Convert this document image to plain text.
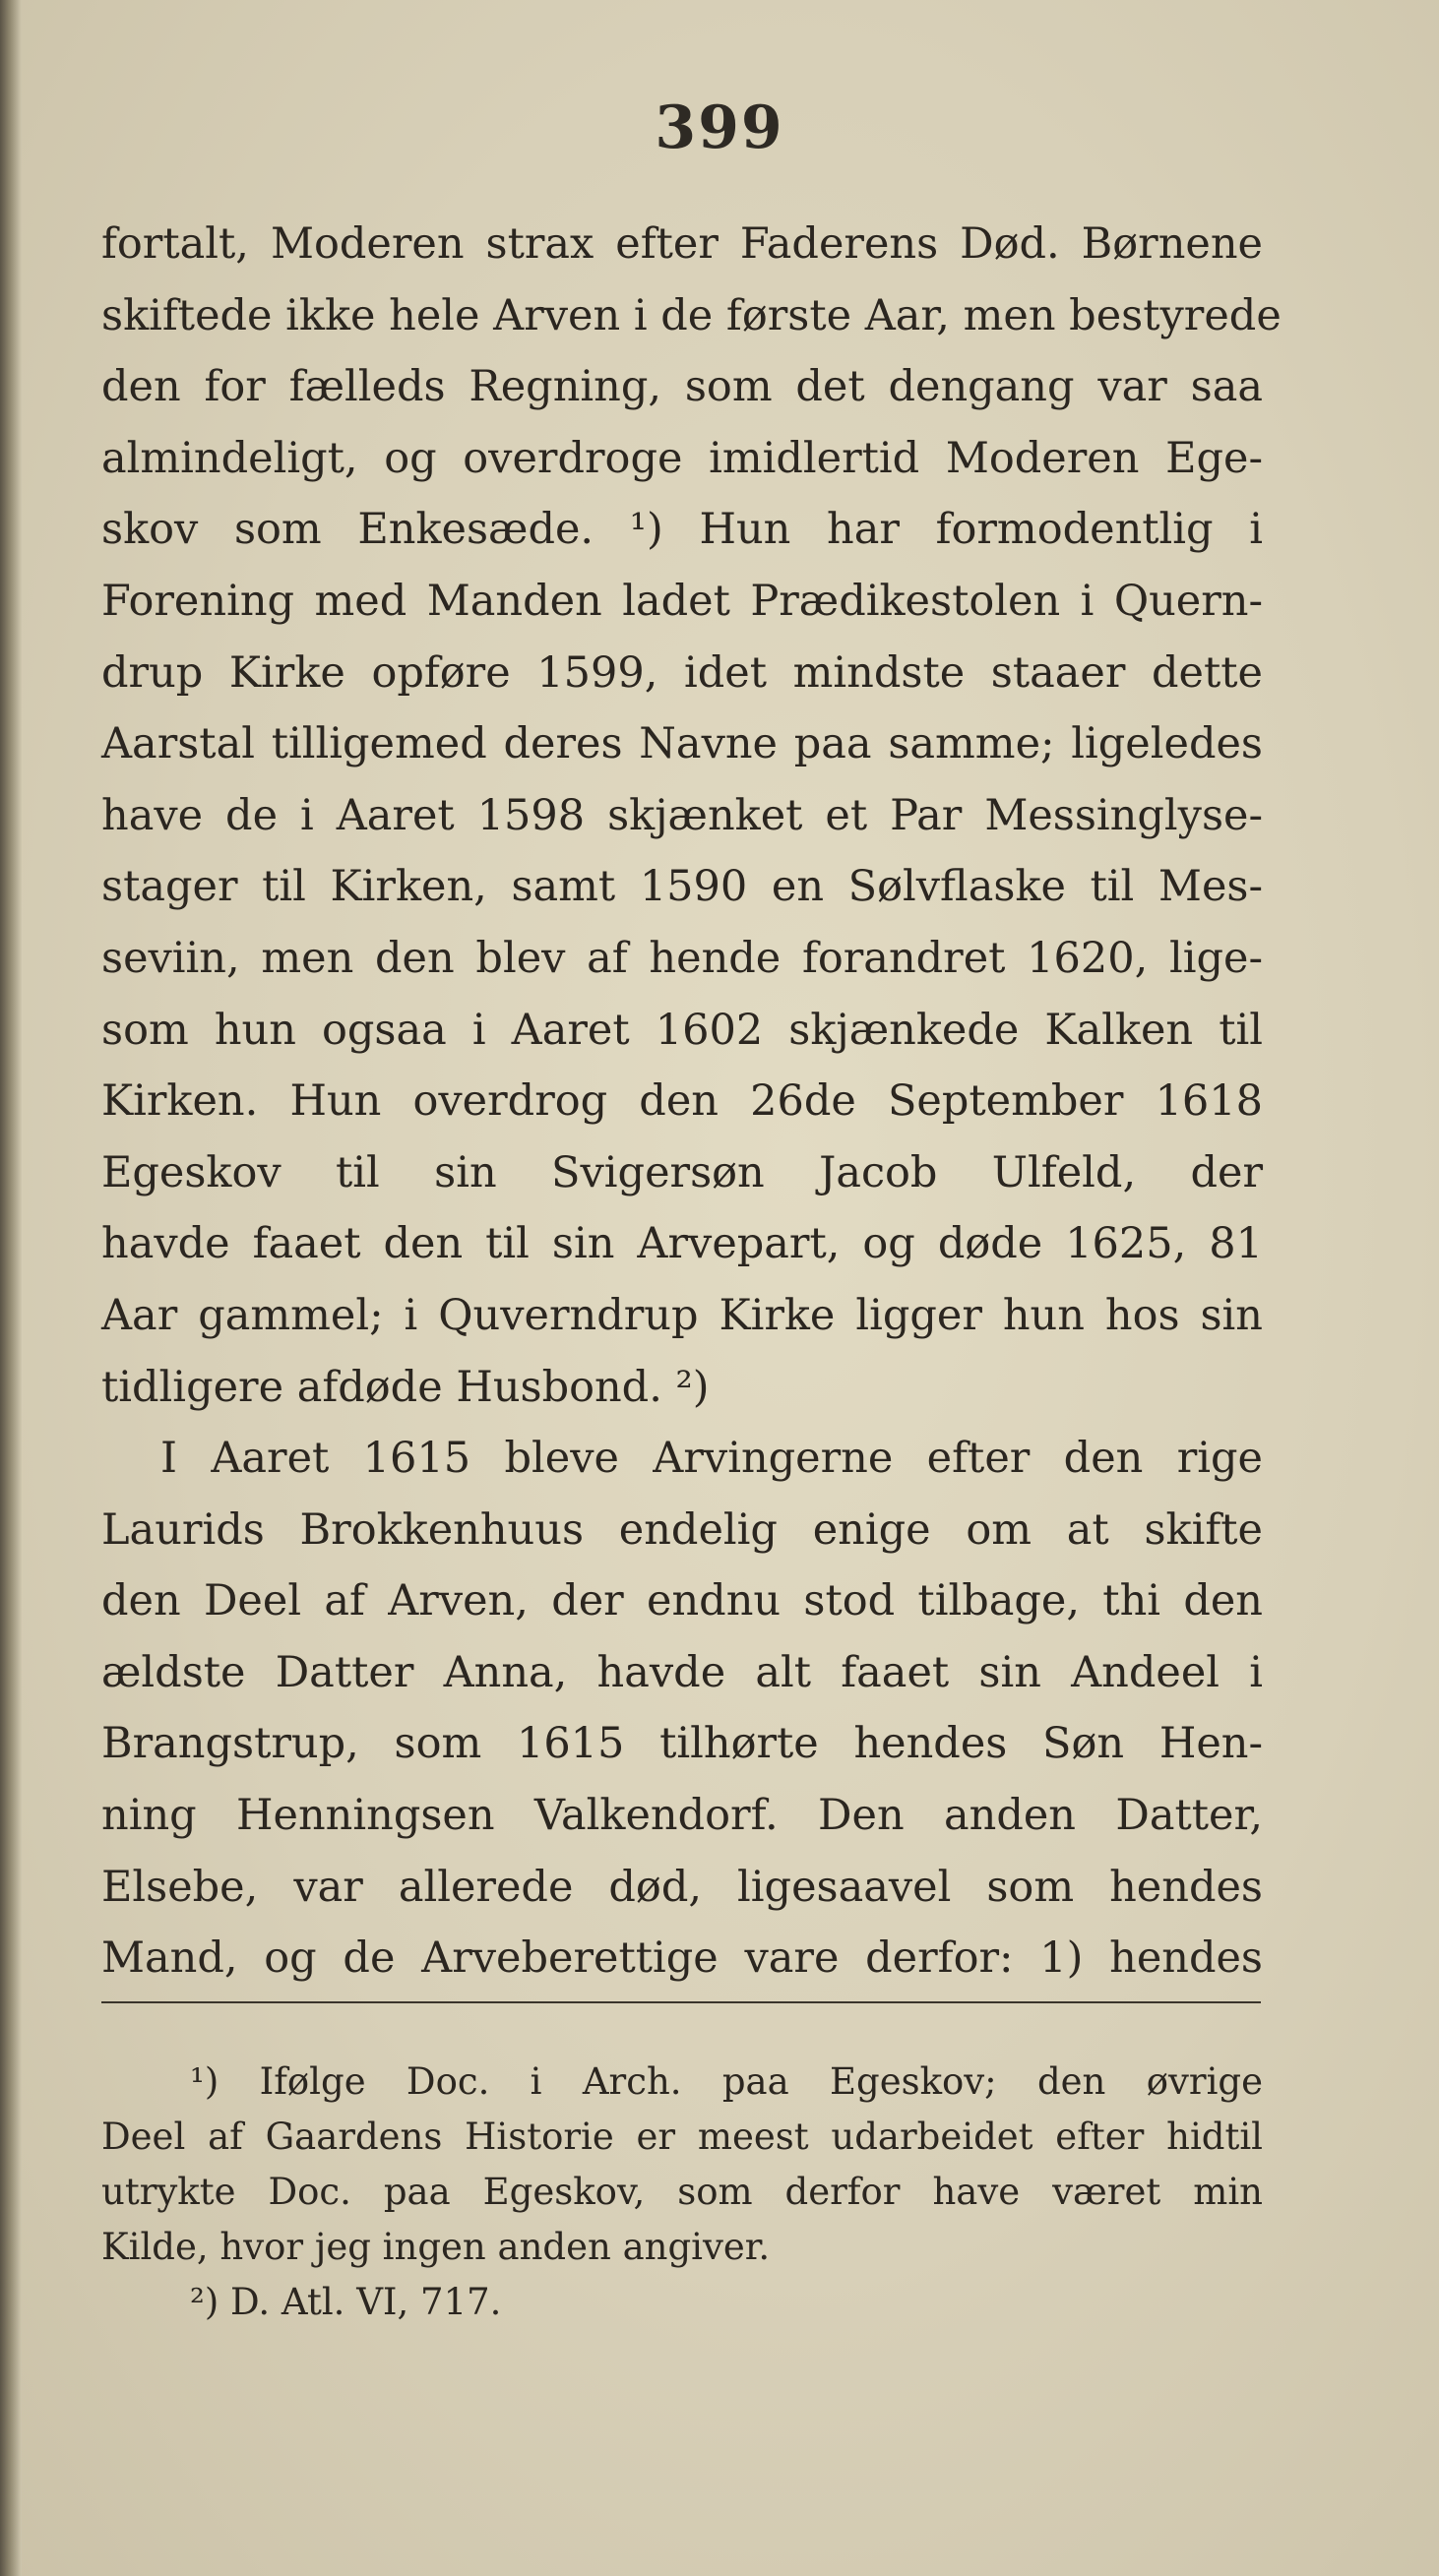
399
fortalt, Moderen strax efter Faderens Død. Børnene
skiftede ikke hele Arven i de første Aar, men bestyrede
den for fælleds Regning, som det dengang var saa
almindeligt, og overdroge imidlertid Moderen Ege-
skov som Enkesæde. ¹) Hun har formodentlig i
Forening med Manden ladet Prædikestolen i Quern-
drup Kirke opføre 1599, idet mindste staaer dette
Aarstal tilligemed deres Navne paa samme; ligeledes
have de i Aaret 1598 skjænket et Par Messinglyse-
stager til Kirken, samt 1590 en Sølvflaske til Mes-
seviin, men den blev af hende forandret 1620, lige-
som hun ogsaa i Aaret 1602 skjænkede Kalken til
Kirken. Hun overdrog den 26de September 1618
Egeskov til sin Svigersøn Jacob Ulfeld, der
havde faaet den til sin Arvepart, og døde 1625, 81
Aar gammel; i Quverndrup Kirke ligger hun hos sin
tidligere afdøde Husbond. ²)
I Aaret 1615 bleve Arvingerne efter den rige
Laurids Brokkenhuus endelig enige om at skifte
den Deel af Arven, der endnu stod tilbage, thi den
ældste Datter Anna, havde alt faaet sin Andeel i
Brangstrup, som 1615 tilhørte hendes Søn Hen-
ning Henningsen Valkendorf. Den anden Datter,
Elsebe, var allerede død, ligesaavel som hendes
Mand, og de Arveberettige vare derfor: 1) hendes
¹) Ifølge Doc. i Arch. paa Egeskov; den øvrige
Deel af Gaardens Historie er meest udarbeidet efter hidtil
utrykte Doc. paa Egeskov, som derfor have været min
Kilde, hvor jeg ingen anden angiver.
²) D. Atl. VI, 717.
